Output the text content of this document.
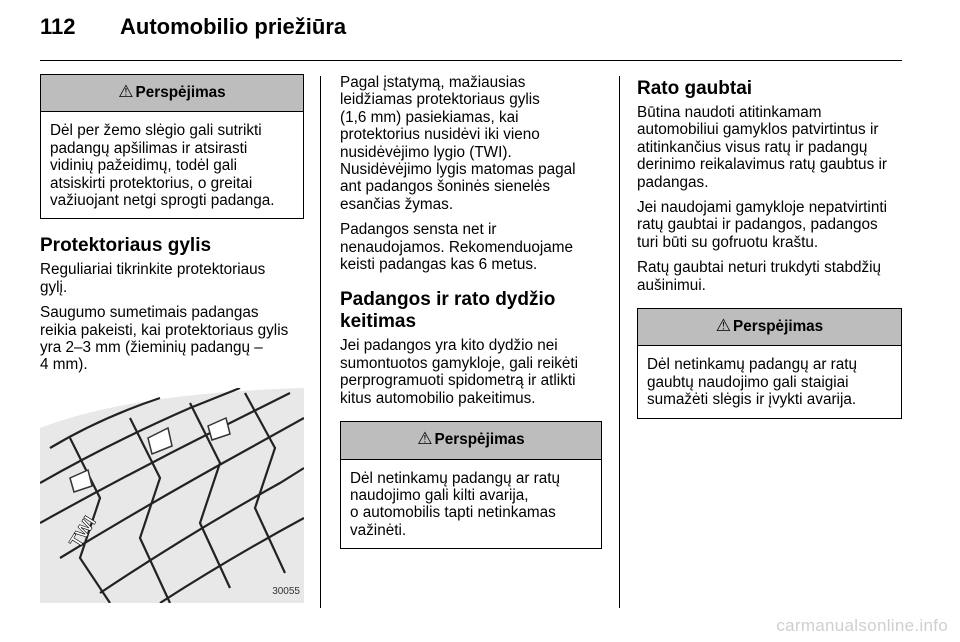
112 Automobilio priežiūra
⚠ Perspėjimas
Dėl per žemo slėgio gali sutrikti
padangų apšilimas ir atsirasti
vidinių pažeidimų, todėl gali
atsiskirti protektorius, o greitai
važiuojant netgi sprogti padanga.
Protektoriaus gylis

Reguliariai tikrinkite protektoriaus
gylį.

Saugumo sumetimais padangas
reikia pakeisti, kai protektoriaus gylis
yra 2–3 mm (žieminių padangų –
4 mm).

TWI
30055

Pagal įstatymą, mažiausias
leidžiamas protektoriaus gylis
(1,6 mm) pasiekiamas, kai
protektorius nusidėvi iki vieno
nusidėvėjimo lygio (TWI).
Nusidėvėjimo lygis matomas pagal
ant padangos šoninės sienelės
esančias žymas.

Padangos sensta net ir
nenaudojamos. Rekomenduojame
keisti padangas kas 6 metus.

Padangos ir rato dydžio
keitimas

Jei padangos yra kito dydžio nei
sumontuotos gamykloje, gali reikėti
perprogramuoti spidometrą ir atlikti
kitus automobilio pakeitimus.

⚠ Perspėjimas
Dėl netinkamų padangų ar ratų
naudojimo gali kilti avarija,
o automobilis tapti netinkamas
važinėti.
Rato gaubtai

Būtina naudoti atitinkamam
automobiliui gamyklos patvirtintus ir
atitinkančius visus ratų ir padangų
derinimo reikalavimus ratų gaubtus ir
padangas.

Jei naudojami gamykloje nepatvirtinti
ratų gaubtai ir padangos, padangos
turi būti su gofruotu kraštu.

Ratų gaubtai neturi trukdyti stabdžių
aušinimui.

⚠ Perspėjimas
Dėl netinkamų padangų ar ratų
gaubtų naudojimo gali staigiai
sumažėti slėgis ir įvykti avarija.
carmanualsonline.info
